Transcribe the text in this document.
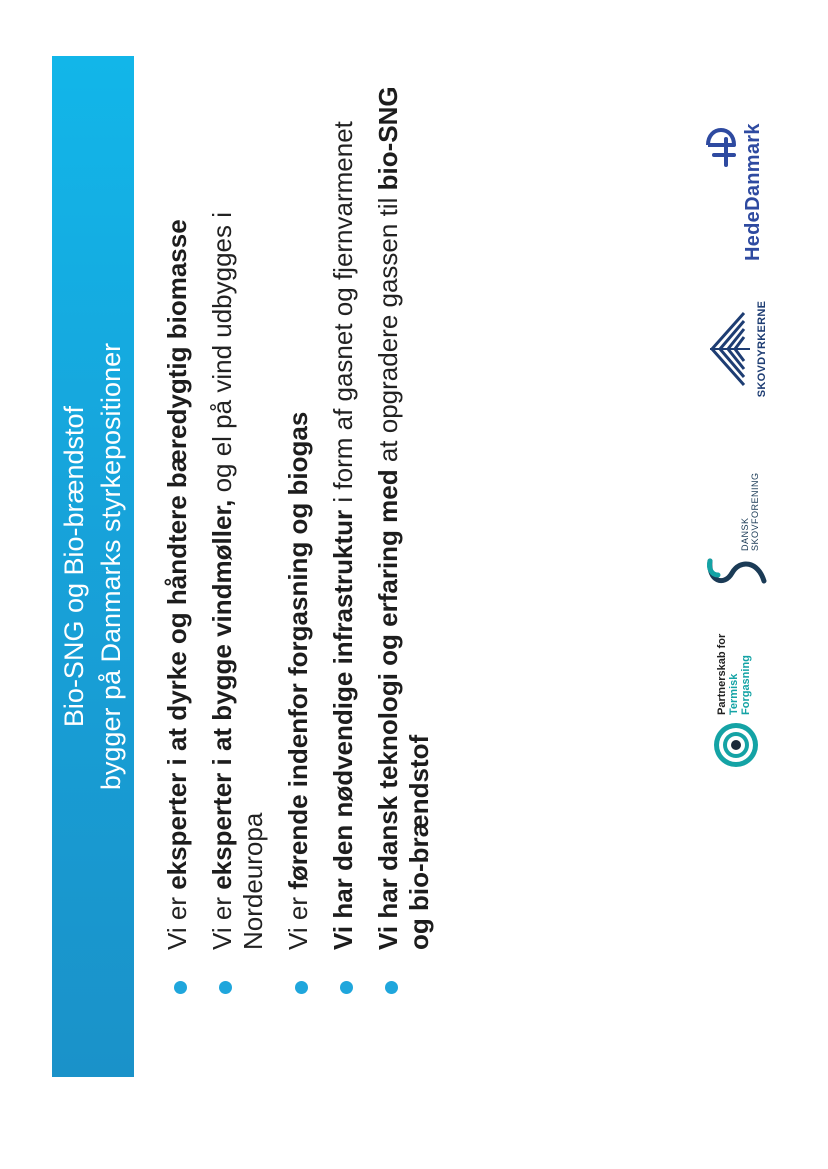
Bio-SNG og Bio-brændstof bygger på Danmarks styrkepositioner
Vi er eksperter i at dyrke og håndtere bæredygtig biomasse
Vi er eksperter i at bygge vindmøller, og el på vind udbygges i Nordeuropa Vi er førende indenfor forgasning og biogas Vi har den nødvendige infrastruktur i form af gasnet og fjernvarmenet
Vi har dansk teknologi og erfaring med at opgradere gassen til bio-SNG og bio-brændstof
Partnerskab for Termisk Forgasning
DANSK SKOVFORENING
SKOVDYRKERNE
HedeDanmark
